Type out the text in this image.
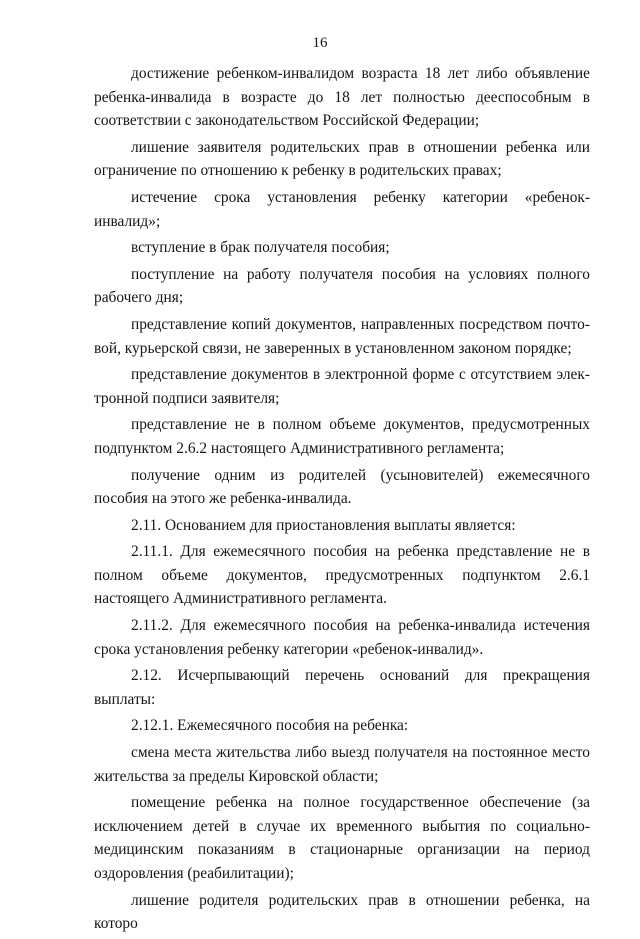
16

достижение ребенком-инвалидом возраста 18 лет либо объявление ребенка-инвалида в возрасте до 18 лет полностью дееспособным в соответствии с законодательством Российской Федерации;

лишение заявителя родительских прав в отношении ребенка или ограничение по отношению к ребенку в родительских правах;

истечение срока установления ребенку категории «ребенок-инвалид»;

вступление в брак получателя пособия;

поступление на работу получателя пособия на условиях полного рабочего дня;

представление копий документов, направленных посредством почтовой, курьерской связи, не заверенных в установленном законом порядке;

представление документов в электронной форме с отсутствием электронной подписи заявителя;

представление не в полном объеме документов, предусмотренных подпунктом 2.6.2 настоящего Административного регламента;

получение одним из родителей (усыновителей) ежемесячного пособия на этого же ребенка-инвалида.

2.11. Основанием для приостановления выплаты является:

2.11.1. Для ежемесячного пособия на ребенка представление не в полном объеме документов, предусмотренных подпунктом 2.6.1 настоящего Административного регламента.

2.11.2. Для ежемесячного пособия на ребенка-инвалида истечения срока установления ребенку категории «ребенок-инвалид».

2.12. Исчерпывающий перечень оснований для прекращения выплаты:

2.12.1. Ежемесячного пособия на ребенка:

смена места жительства либо выезд получателя на постоянное место жительства за пределы Кировской области;

помещение ребенка на полное государственное обеспечение (за исключением детей в случае их временного выбытия по социально-медицинским показаниям в стационарные организации на период оздоровления (реабилитации);

лишение родителя родительских прав в отношении ребенка, на которо
